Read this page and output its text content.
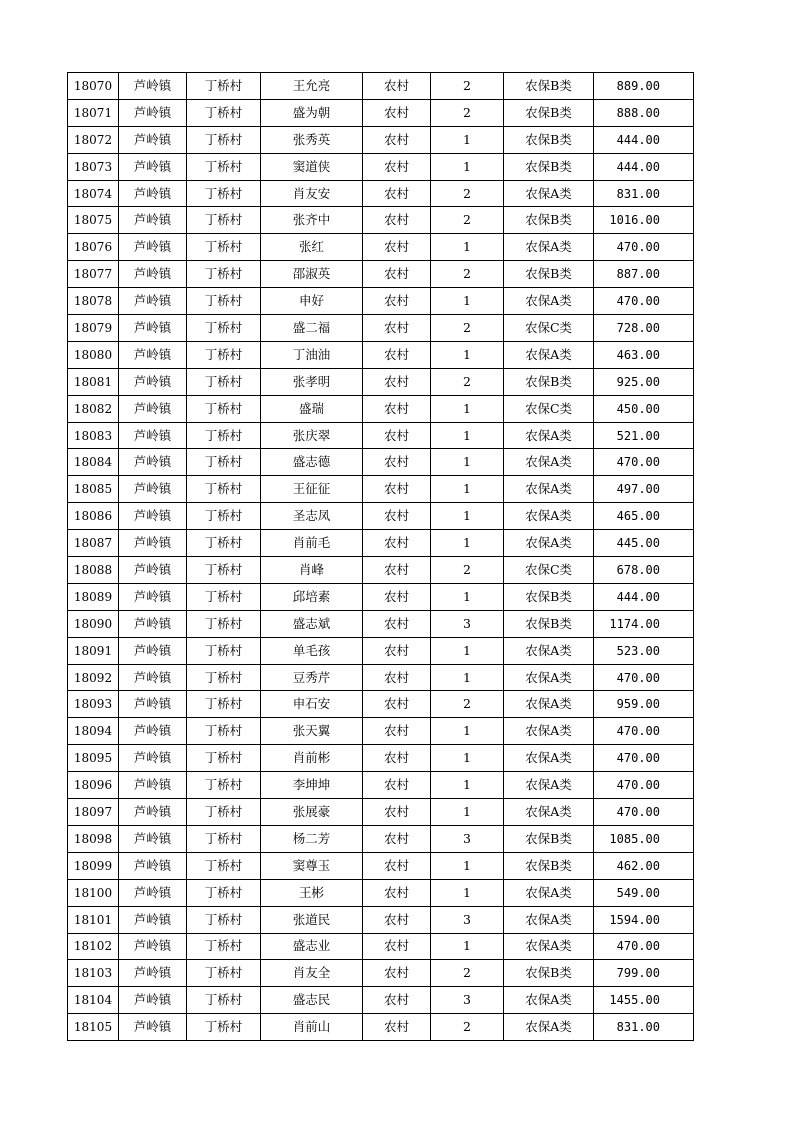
18070	芦岭镇	丁桥村	王允亮	农村	2	农保B类	889.00
18071	芦岭镇	丁桥村	盛为朝	农村	2	农保B类	888.00
18072	芦岭镇	丁桥村	张秀英	农村	1	农保B类	444.00
18073	芦岭镇	丁桥村	窦道侠	农村	1	农保B类	444.00
18074	芦岭镇	丁桥村	肖友安	农村	2	农保A类	831.00
18075	芦岭镇	丁桥村	张齐中	农村	2	农保B类	1016.00
18076	芦岭镇	丁桥村	张红	农村	1	农保A类	470.00
18077	芦岭镇	丁桥村	邵淑英	农村	2	农保B类	887.00
18078	芦岭镇	丁桥村	申好	农村	1	农保A类	470.00
18079	芦岭镇	丁桥村	盛二福	农村	2	农保C类	728.00
18080	芦岭镇	丁桥村	丁油油	农村	1	农保A类	463.00
18081	芦岭镇	丁桥村	张孝明	农村	2	农保B类	925.00
18082	芦岭镇	丁桥村	盛瑞	农村	1	农保C类	450.00
18083	芦岭镇	丁桥村	张庆翠	农村	1	农保A类	521.00
18084	芦岭镇	丁桥村	盛志德	农村	1	农保A类	470.00
18085	芦岭镇	丁桥村	王征征	农村	1	农保A类	497.00
18086	芦岭镇	丁桥村	圣志凤	农村	1	农保A类	465.00
18087	芦岭镇	丁桥村	肖前毛	农村	1	农保A类	445.00
18088	芦岭镇	丁桥村	肖峰	农村	2	农保C类	678.00
18089	芦岭镇	丁桥村	邱培素	农村	1	农保B类	444.00
18090	芦岭镇	丁桥村	盛志斌	农村	3	农保B类	1174.00
18091	芦岭镇	丁桥村	单毛孩	农村	1	农保A类	523.00
18092	芦岭镇	丁桥村	豆秀芹	农村	1	农保A类	470.00
18093	芦岭镇	丁桥村	申石安	农村	2	农保A类	959.00
18094	芦岭镇	丁桥村	张天翼	农村	1	农保A类	470.00
18095	芦岭镇	丁桥村	肖前彬	农村	1	农保A类	470.00
18096	芦岭镇	丁桥村	李坤坤	农村	1	农保A类	470.00
18097	芦岭镇	丁桥村	张展豪	农村	1	农保A类	470.00
18098	芦岭镇	丁桥村	杨二芳	农村	3	农保B类	1085.00
18099	芦岭镇	丁桥村	窦尊玉	农村	1	农保B类	462.00
18100	芦岭镇	丁桥村	王彬	农村	1	农保A类	549.00
18101	芦岭镇	丁桥村	张道民	农村	3	农保A类	1594.00
18102	芦岭镇	丁桥村	盛志业	农村	1	农保A类	470.00
18103	芦岭镇	丁桥村	肖友全	农村	2	农保B类	799.00
18104	芦岭镇	丁桥村	盛志民	农村	3	农保A类	1455.00
18105	芦岭镇	丁桥村	肖前山	农村	2	农保A类	831.00
